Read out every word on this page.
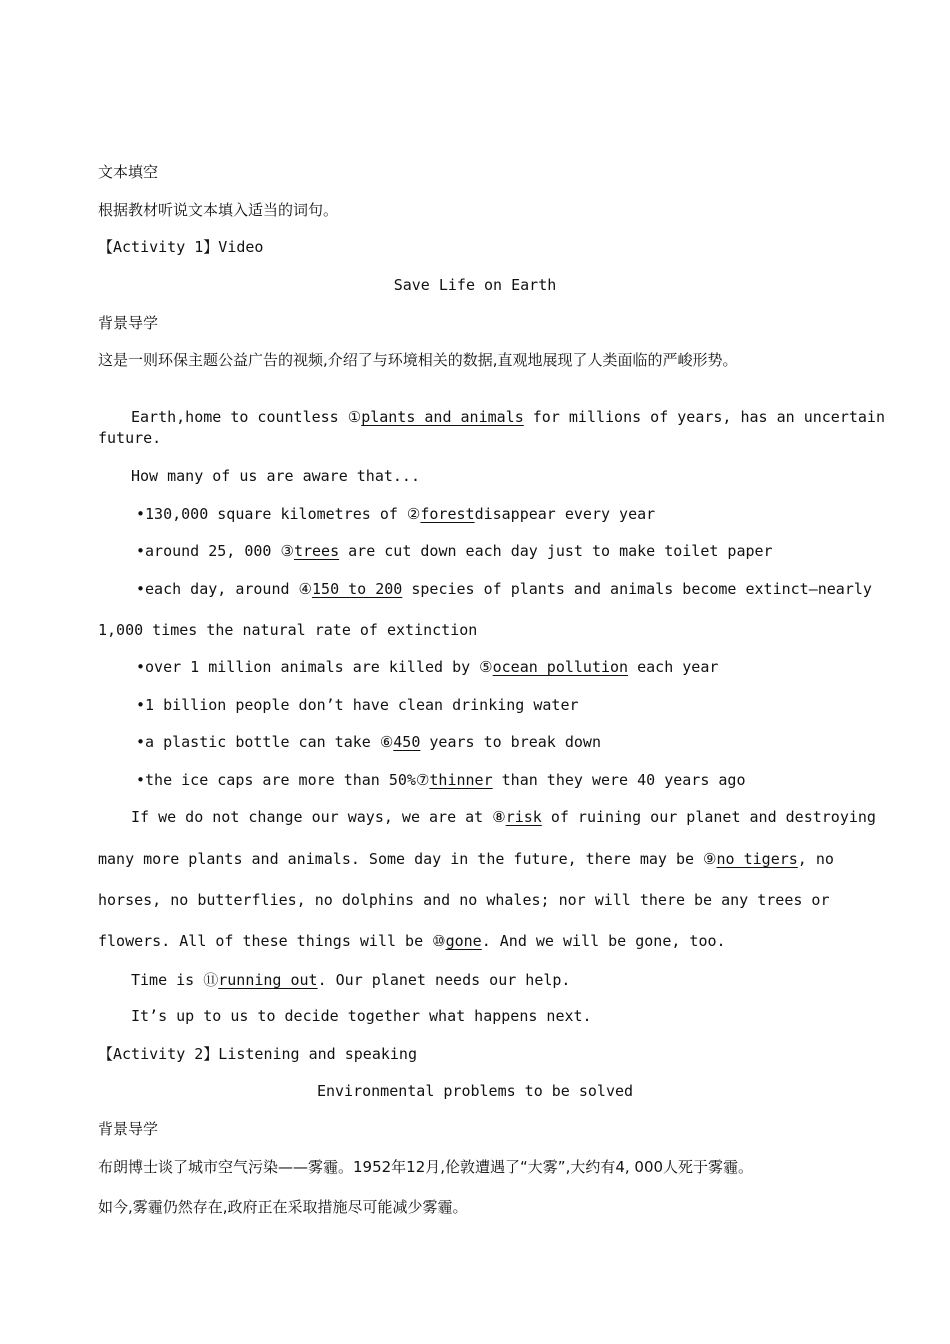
文本填空
根据教材听说文本填入适当的词句。
【Activity 1】Video
Save Life on Earth
背景导学
这是一则环保主题公益广告的视频,介绍了与环境相关的数据,直观地展现了人类面临的严峻形势。

Earth,home to countless ①plants and animals for millions of years, has an uncertain

future.
How many of us are aware that...
•130,000 square kilometres of ②forestdisappear every year
•around 25, 000 ③trees are cut down each day just to make toilet paper
•each day, around ④150 to 200 species of plants and animals become extinct—nearly
1,000 times the natural rate of extinction
•over 1 million animals are killed by ⑤ocean pollution each year
•1 billion people don’t have clean drinking water
•a plastic bottle can take ⑥450 years to break down
•the ice caps are more than 50%⑦thinner than they were 40 years ago
If we do not change our ways, we are at ⑧risk of ruining our planet and destroying
many more plants and animals. Some day in the future, there may be ⑨no tigers, no
horses, no butterflies, no dolphins and no whales; nor will there be any trees or
flowers. All of these things will be ⑩gone. And we will be gone, too.
Time is ⑪running out. Our planet needs our help.
It’s up to us to decide together what happens next.
【Activity 2】Listening and speaking
Environmental problems to be solved
背景导学
布朗博士谈了城市空气污染——雾霾。1952年12月,伦敦遭遇了“大雾”,大约有4, 000人死于雾霾。
如今,雾霾仍然存在,政府正在采取措施尽可能减少雾霾。
